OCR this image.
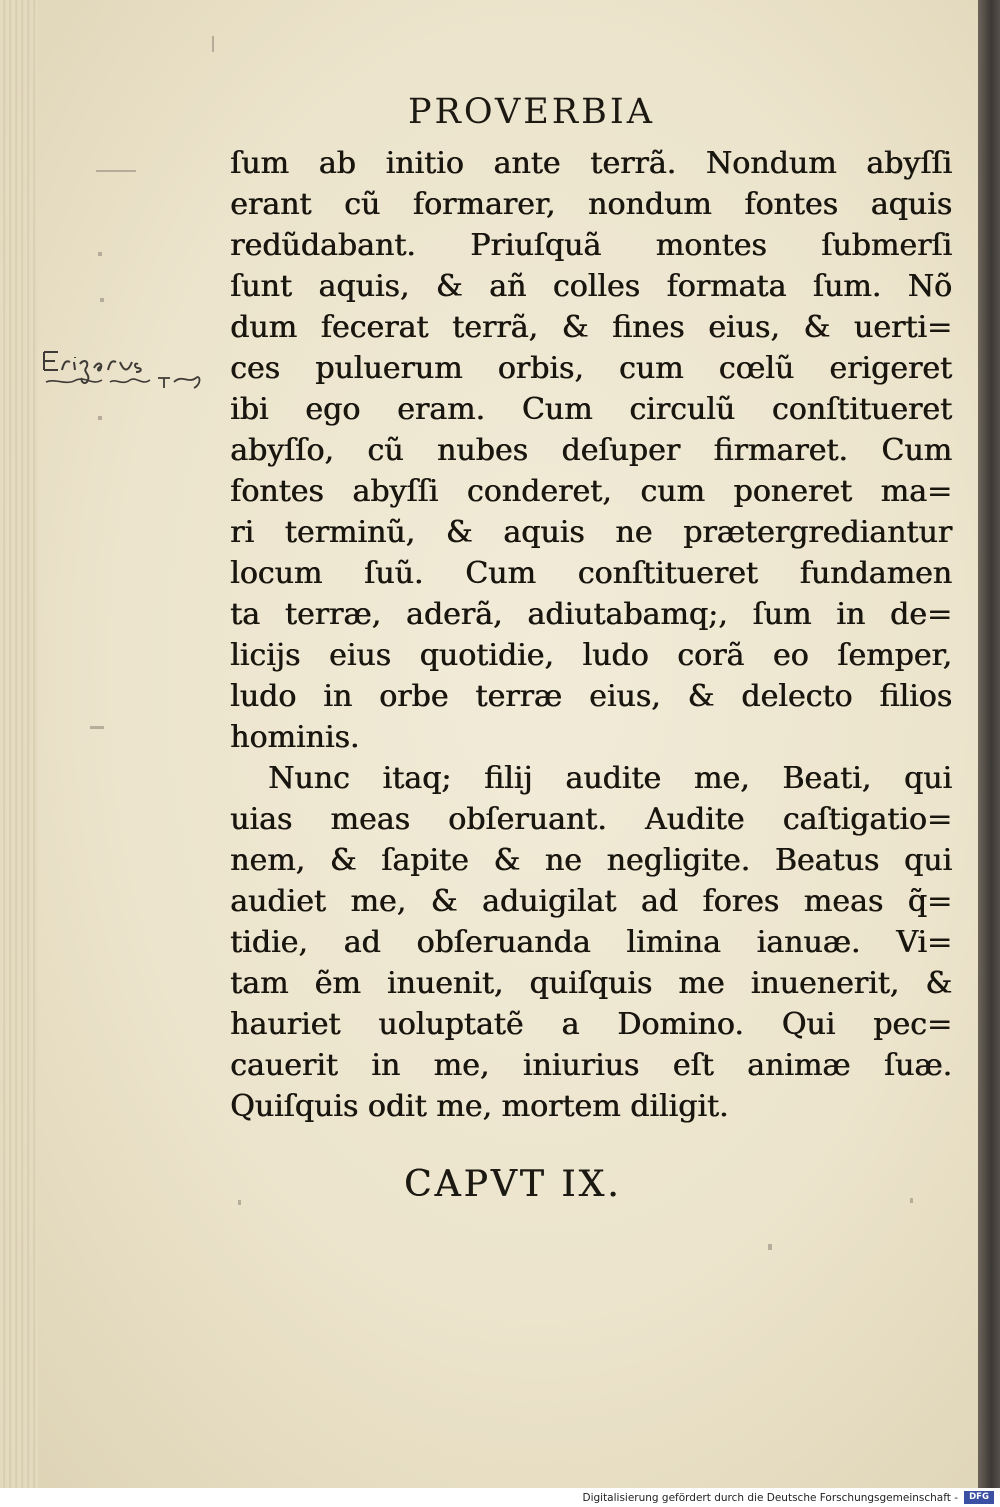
PROVERBIA
ſum ab initio ante terrã. Nondum abyſſi
erant cũ formarer, nondum fontes aquis
redũdabant. Priuſquã montes ſubmerſi
ſunt aquis, & añ colles formata ſum. Nõ
dum fecerat terrã, & fines eius, & uerti=
ces puluerum orbis, cum cœlũ erigeret
ibi ego eram. Cum circulũ conſtitueret
abyſſo, cũ nubes deſuper firmaret. Cum
fontes abyſſi conderet, cum poneret ma=
ri terminũ, & aquis ne prætergrediantur
locum ſuũ. Cum conſtitueret fundamen
ta terræ, aderã, adiutabamq;, ſum in de=
licijs eius quotidie, ludo corã eo ſemper,
ludo in orbe terræ eius, & delecto filios
hominis.
Nunc itaq; filij audite me, Beati, qui
uias meas obſeruant. Audite caſtigatio=
nem, & ſapite & ne negligite. Beatus qui
audiet me, & aduigilat ad fores meas q̃=
tidie, ad obſeruanda limina ianuæ. Vi=
tam ẽm inuenit, quiſquis me inuenerit, &
hauriet uoluptatẽ a Domino. Qui pec=
cauerit in me, iniurius eſt animæ ſuæ.
Quiſquis odit me, mortem diligit.
CAPVT IX.
Digitalisierung gefördert durch die Deutsche Forschungsgemeinschaft -	DFG
